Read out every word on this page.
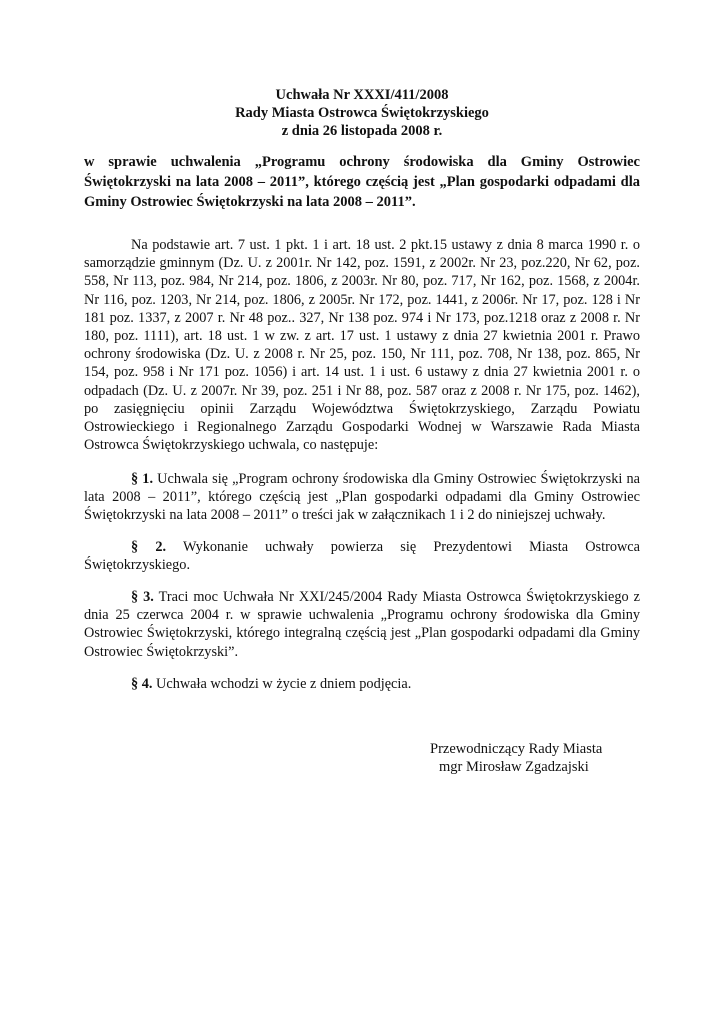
Uchwała Nr XXXI/411/2008
Rady Miasta Ostrowca Świętokrzyskiego
z dnia 26 listopada 2008 r.
w sprawie uchwalenia „Programu ochrony środowiska dla Gminy Ostrowiec Świętokrzyski na lata 2008 – 2011”, którego częścią jest „Plan gospodarki odpadami dla Gminy Ostrowiec Świętokrzyski na lata 2008 – 2011”.
Na podstawie art. 7 ust. 1 pkt. 1 i art. 18 ust. 2 pkt.15 ustawy z dnia 8 marca 1990 r. o samorządzie gminnym (Dz. U. z 2001r. Nr 142, poz. 1591, z 2002r. Nr 23, poz.220, Nr 62, poz. 558, Nr 113, poz. 984, Nr 214, poz. 1806, z 2003r. Nr 80, poz. 717, Nr 162, poz. 1568, z 2004r. Nr 116, poz. 1203, Nr 214, poz. 1806, z 2005r. Nr 172, poz. 1441, z 2006r. Nr 17, poz. 128 i Nr 181 poz. 1337, z 2007 r. Nr 48 poz.. 327, Nr 138 poz. 974 i Nr 173, poz.1218 oraz z 2008 r. Nr 180, poz. 1111), art. 18 ust. 1 w zw. z art. 17 ust. 1 ustawy z dnia 27 kwietnia 2001 r. Prawo ochrony środowiska (Dz. U. z 2008 r. Nr 25, poz. 150, Nr 111, poz. 708, Nr 138, poz. 865, Nr 154, poz. 958 i Nr 171 poz. 1056) i art. 14 ust. 1 i ust. 6 ustawy z dnia 27 kwietnia 2001 r. o odpadach (Dz. U. z 2007r. Nr 39, poz. 251 i Nr 88, poz. 587 oraz z 2008 r. Nr 175, poz. 1462), po zasięgnięciu opinii Zarządu Województwa Świętokrzyskiego, Zarządu Powiatu Ostrowieckiego i Regionalnego Zarządu Gospodarki Wodnej w Warszawie Rada Miasta Ostrowca Świętokrzyskiego uchwala, co następuje:
§ 1. Uchwala się „Program ochrony środowiska dla Gminy Ostrowiec Świętokrzyski na lata 2008 – 2011”, którego częścią jest „Plan gospodarki odpadami dla Gminy Ostrowiec Świętokrzyski na lata 2008 – 2011” o treści jak w załącznikach 1 i 2 do niniejszej uchwały.
§ 2. Wykonanie uchwały powierza się Prezydentowi Miasta Ostrowca Świętokrzyskiego.
§ 3. Traci moc Uchwała Nr XXI/245/2004 Rady Miasta Ostrowca Świętokrzyskiego z dnia 25 czerwca 2004 r. w sprawie uchwalenia „Programu ochrony środowiska dla Gminy Ostrowiec Świętokrzyski, którego integralną częścią jest „Plan gospodarki odpadami dla Gminy Ostrowiec Świętokrzyski”.
§ 4. Uchwała wchodzi w życie z dniem podjęcia.
Przewodniczący Rady Miasta
mgr Mirosław Zgadzajski
